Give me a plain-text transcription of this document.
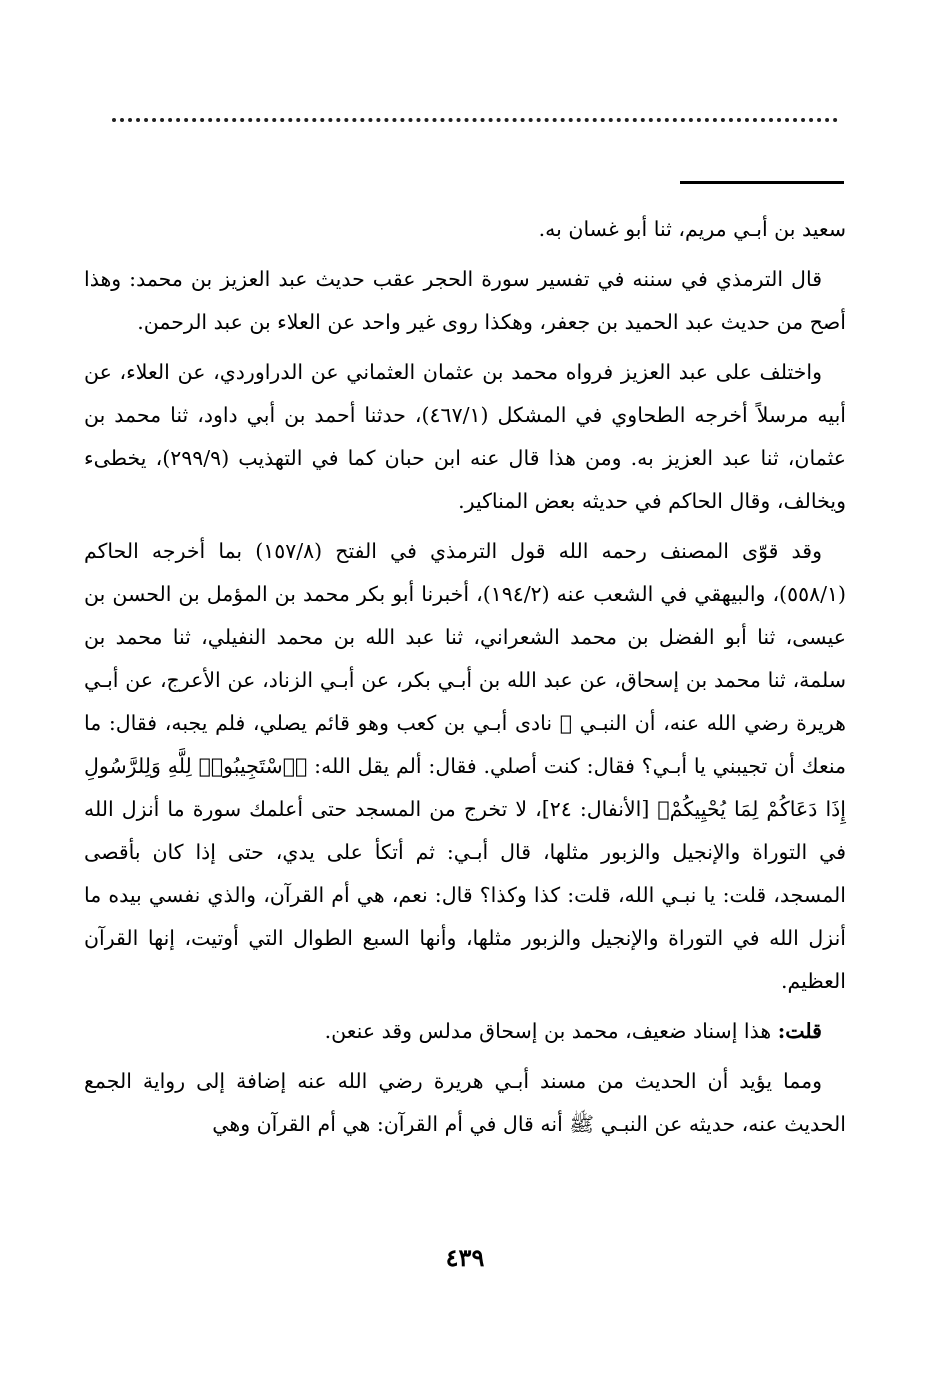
سعيد بن أبـي مريم، ثنا أبو غسان به.

قال الترمذي في سننه في تفسير سورة الحجر عقب حديث عبد العزيز بن محمد: وهذا أصح من حديث عبد الحميد بن جعفر، وهكذا روى غير واحد عن العلاء بن عبد الرحمن.

واختلف على عبد العزيز فرواه محمد بن عثمان العثماني عن الدراوردي، عن العلاء، عن أبيه مرسلاً أخرجه الطحاوي في المشكل (٤٦٧/١)، حدثنا أحمد بن أبي داود، ثنا محمد بن عثمان، ثنا عبد العزيز به. ومن هذا قال عنه ابن حبان كما في التهذيب (٢٩٩/٩)، يخطىء ويخالف، وقال الحاكم في حديثه بعض المناكير.

وقد قوّى المصنف رحمه الله قول الترمذي في الفتح (١٥٧/٨) بما أخرجه الحاكم (٥٥٨/١)، والبيهقي في الشعب عنه (١٩٤/٢)، أخبرنا أبو بكر محمد بن المؤمل بن الحسن بن عيسى، ثنا أبو الفضل بن محمد الشعراني، ثنا عبد الله بن محمد النفيلي، ثنا محمد بن سلمة، ثنا محمد بن إسحاق، عن عبد الله بن أبـي بكر، عن أبـي الزناد، عن الأعرج، عن أبـي هريرة رضي الله عنه، أن النبـي ﷺ نادى أبـي بن كعب وهو قائم يصلي، فلم يجبه، فقال: ما منعك أن تجيبني يا أبـي؟ فقال: كنت أصلي. فقال: ألم يقل الله: ﴿ٱسْتَجِيبُوا۟ لِلَّهِ وَلِلرَّسُولِ إِذَا دَعَاكُمْ لِمَا يُحْيِيكُمْ﴾ [الأنفال: ٢٤]، لا تخرج من المسجد حتى أعلمك سورة ما أنزل الله في التوراة والإنجيل والزبور مثلها، قال أبـي: ثم أتكأ على يدي، حتى إذا كان بأقصى المسجد، قلت: يا نبـي الله، قلت: كذا وكذا؟ قال: نعم، هي أم القرآن، والذي نفسي بيده ما أنزل الله في التوراة والإنجيل والزبور مثلها، وأنها السبع الطوال التي أوتيت، إنها القرآن العظيم.

قلت: هذا إسناد ضعيف، محمد بن إسحاق مدلس وقد عنعن.

ومما يؤيد أن الحديث من مسند أبـي هريرة رضي الله عنه إضافة إلى رواية الجمع الحديث عنه، حديثه عن النبـي ﷺ أنه قال في أم القرآن: هي أم القرآن وهي

٤٣٩
